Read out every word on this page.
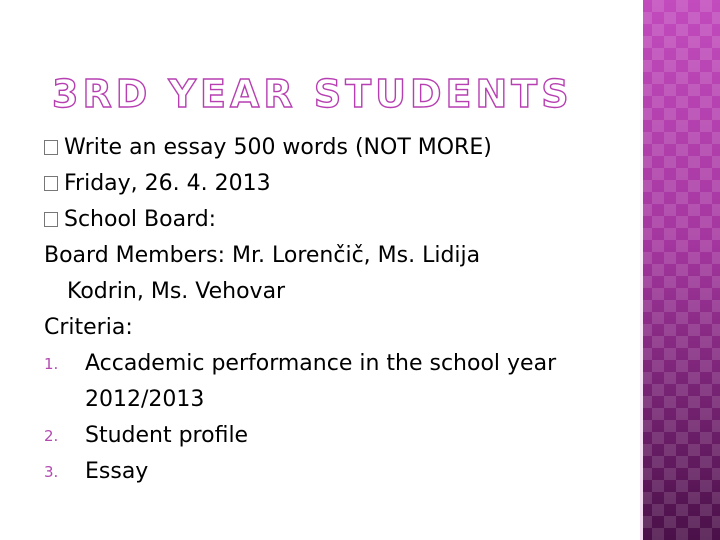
3RD YEAR STUDENTS
Write an essay 500 words (NOT MORE)
Friday, 26. 4. 2013
School Board:
Board Members: Mr. Lorenčič, Ms. Lidija
Kodrin, Ms. Vehovar
Criteria:
1.	Accademic performance in the school year
2012/2013
2.	Student profile
3.	Essay
